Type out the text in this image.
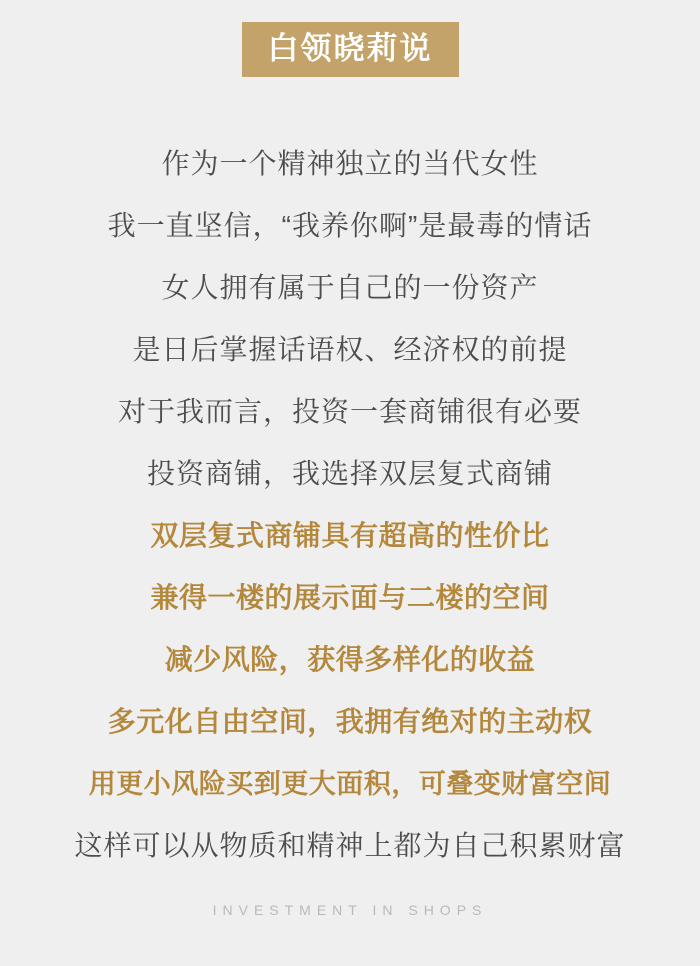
白领晓莉说
作为一个精神独立的当代女性
我一直坚信，“我养你啊”是最毒的情话
女人拥有属于自己的一份资产
是日后掌握话语权、经济权的前提
对于我而言，投资一套商铺很有必要
投资商铺，我选择双层复式商铺
双层复式商铺具有超高的性价比
兼得一楼的展示面与二楼的空间
减少风险，获得多样化的收益
多元化自由空间，我拥有绝对的主动权
用更小风险买到更大面积，可叠变财富空间
这样可以从物质和精神上都为自己积累财富
INVESTMENT IN SHOPS
